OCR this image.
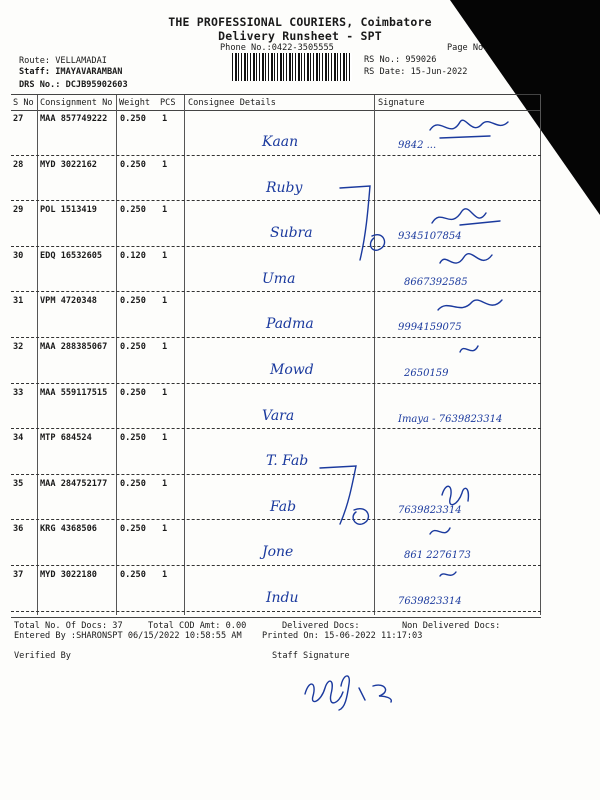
THE PROFESSIONAL COURIERS, Coimbatore
Delivery Runsheet - SPT
Phone No.:0422-3505555	Page No.
Route: VELLAMADAI
Staff: IMAYAVARAMBAN
DRS No.: DCJB95902603
RS No.: 959026
RS Date: 15-Jun-2022
S No Consignment No Weight PCS Consignee Details	Signature
27 MAA 857749222 0.250 1
Kaan	9842 ...
28 MYD 3022162	0.250 1
Ruby
29 POL 1513419	0.250 1
Subra	9345107854
30 EDQ 16532605 0.120 1
Uma	8667392585
31 VPM 4720348	0.250 1
Padma	9994159075
32 MAA 288385067 0.250 1
Mowd	2650159
33 MAA 559117515 0.250 1
Vara	Imaya - 7639823314
34 MTP 684524	0.250 1
T. Fab
35 MAA 284752177 0.250 1
Fab	7639823314
36 KRG 4368506	0.250 1
Jone	861 2276173
37 MYD 3022180	0.250 1
Indu	7639823314
Total No. Of Docs: 37	Total COD Amt: 0.00	Delivered Docs:	Non Delivered Docs:
Entered By :SHARONSPT 06/15/2022 10:58:55 AM Printed On: 15-06-2022 11:17:03
Verified By	Staff Signature
